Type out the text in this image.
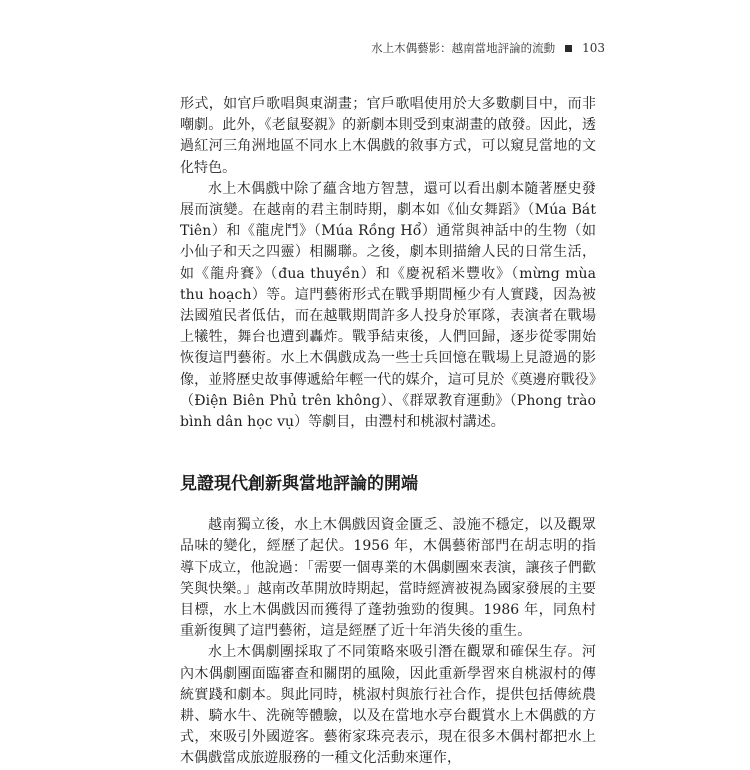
水上木偶藝影：越南當地評論的流動 103

形式，如官戶歌唱與東湖畫；官戶歌唱使用於大多數劇目中，而非嘲劇。此外，《老鼠娶親》的新劇本則受到東湖畫的啟發。因此，透過紅河三角洲地區不同水上木偶戲的敘事方式，可以窺見當地的文化特色。

水上木偶戲中除了蘊含地方智慧，還可以看出劇本隨著歷史發展而演變。在越南的君主制時期，劇本如《仙女舞蹈》（Múa Bát Tiên）和《龍虎鬥》（Múa Rồng Hổ）通常與神話中的生物（如小仙子和天之四靈）相關聯。之後，劇本則描繪人民的日常生活，如《龍舟賽》（đua thuyền）和《慶祝稻米豐收》（mừng mùa thu hoạch）等。這門藝術形式在戰爭期間極少有人實踐，因為被法國殖民者低估，而在越戰期間許多人投身於軍隊，表演者在戰場上犧牲，舞台也遭到轟炸。戰爭結束後，人們回歸，逐步從零開始恢復這門藝術。水上木偶戲成為一些士兵回憶在戰場上見證過的影像，並將歷史故事傳遞給年輕一代的媒介，這可見於《奠邊府戰役》（Điện Biên Phủ trên không）、《群眾教育運動》（Phong trào bình dân học vụ）等劇目，由灃村和桃淑村講述。

見證現代創新與當地評論的開端

越南獨立後，水上木偶戲因資金匱乏、設施不穩定，以及觀眾品味的變化，經歷了起伏。1956 年，木偶藝術部門在胡志明的指導下成立，他說過：「需要一個專業的木偶劇團來表演，讓孩子們歡笑與快樂。」越南改革開放時期起，當時經濟被視為國家發展的主要目標，水上木偶戲因而獲得了蓬勃強勁的復興。1986 年，同魚村重新復興了這門藝術，這是經歷了近十年消失後的重生。

水上木偶劇團採取了不同策略來吸引潛在觀眾和確保生存。河內木偶劇團面臨審查和關閉的風險，因此重新學習來自桃淑村的傳統實踐和劇本。與此同時，桃淑村與旅行社合作，提供包括傳統農耕、騎水牛、洗碗等體驗，以及在當地水亭台觀賞水上木偶戲的方式，來吸引外國遊客。藝術家珠亮表示，現在很多木偶村都把水上木偶戲當成旅遊服務的一種文化活動來運作，
